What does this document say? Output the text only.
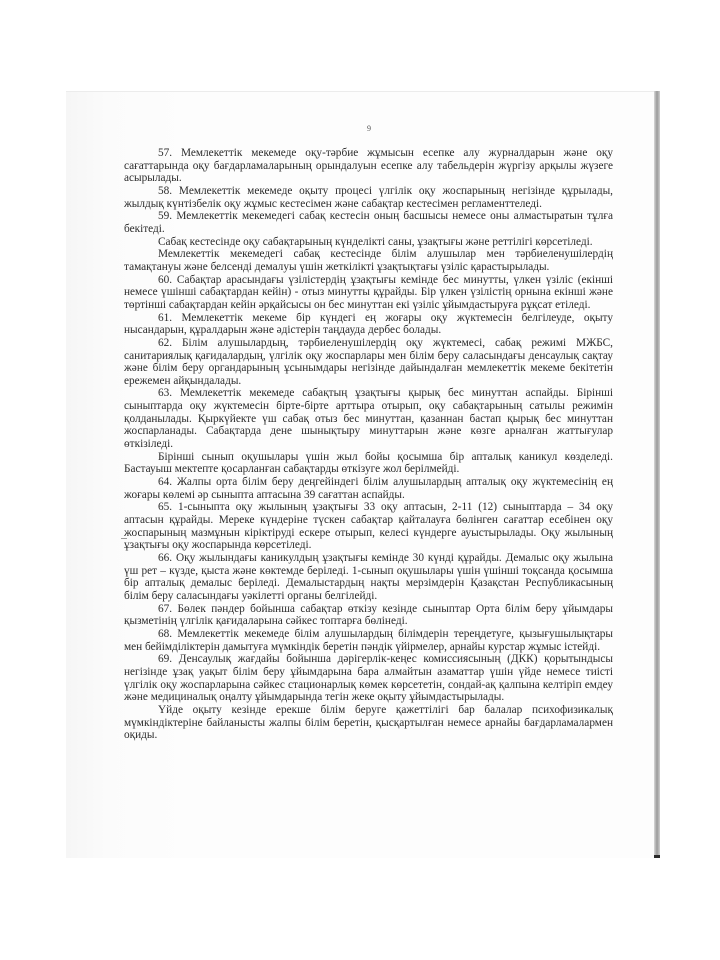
9

57. Мемлекеттік мекемеде оқу-тәрбие жұмысын есепке алу журналдарын және оқу сағаттарында оқу бағдарламаларының орындалуын есепке алу табельдерін жүргізу арқылы жүзеге асырылады.

58. Мемлекеттік мекемеде оқыту процесі үлгілік оқу жоспарының негізінде құрылады, жылдық күнтізбелік оқу жұмыс кестесімен және сабақтар кестесімен регламенттеледі.

59. Мемлекеттік мекемедегі сабақ кестесін оның басшысы немесе оны алмастыратын тұлға бекітеді.

Сабақ кестесінде оқу сабақтарының күнделікті саны, ұзақтығы және реттілігі көрсетіледі.

Мемлекеттік мекемедегі сабақ кестесінде білім алушылар мен тәрбиеленушілердің тамақтануы және белсенді демалуы үшін жеткілікті ұзақтықтағы үзіліс қарастырылады.

60. Сабақтар арасындағы үзілістердің ұзақтығы кемінде бес минутты, үлкен үзіліс (екінші немесе үшінші сабақтардан кейін) - отыз минутты құрайды. Бір үлкен үзілістің орнына екінші және төртінші сабақтардан кейін әрқайсысы он бес минуттан екі үзіліс ұйымдастыруға рұқсат етіледі.

61. Мемлекеттік мекеме бір күндегі ең жоғары оқу жүктемесін белгілеуде, оқыту нысандарын, құралдарын және әдістерін таңдауда дербес болады.

62. Білім алушылардың, тәрбиеленушілердің оқу жүктемесі, сабақ режимі МЖБС, санитариялық қағидалардың, үлгілік оқу жоспарлары мен білім беру саласындағы денсаулық сақтау және білім беру органдарының ұсынымдары негізінде дайындалған мемлекеттік мекеме бекітетін ережемен айқындалады.

63. Мемлекеттік мекемеде сабақтың ұзақтығы қырық бес минуттан аспайды. Бірінші сыныптарда оқу жүктемесін бірте-бірте арттыра отырып, оқу сабақтарының сатылы режимін қолданылады. Қыркүйекте үш сабақ отыз бес минуттан, қазаннан бастап қырық бес минуттан жоспарланады. Сабақтарда дене шынықтыру минуттарын және көзге арналған жаттығулар өткізіледі.

Бірінші сынып оқушылары үшін жыл бойы қосымша бір апталық каникул көзделеді. Бастауыш мектепте қосарланған сабақтарды өткізуге жол берілмейді.

64. Жалпы орта білім беру деңгейіндегі білім алушылардың апталық оқу жүктемесінің ең жоғары көлемі әр сыныпта аптасына 39 сағаттан аспайды.

65. 1-сыныпта оқу жылының ұзақтығы 33 оқу аптасын, 2-11 (12) сыныптарда – 34 оқу аптасын құрайды. Мереке күндеріне түскен сабақтар қайталауға бөлінген сағаттар есебінен оқу жоспарының мазмұнын кіріктіруді ескере отырып, келесі күндерге ауыстырылады. Оқу жылының ұзақтығы оқу жоспарында көрсетіледі.

66. Оқу жылындағы каникулдың ұзақтығы кемінде 30 күнді құрайды. Демалыс оқу жылына үш рет – күзде, қыста және көктемде беріледі. 1-сынып оқушылары үшін үшінші тоқсанда қосымша бір апталық демалыс беріледі. Демалыстардың нақты мерзімдерін Қазақстан Республикасының білім беру саласындағы уәкілетті органы белгілейді.

67. Бөлек пәндер бойынша сабақтар өткізу кезінде сыныптар Орта білім беру ұйымдары қызметінің үлгілік қағидаларына сәйкес топтарға бөлінеді.

68. Мемлекеттік мекемеде білім алушылардың білімдерін тереңдетуге, қызығушылықтары мен бейімділіктерін дамытуға мүмкіндік беретін пәндік үйірмелер, арнайы курстар жұмыс істейді.

69. Денсаулық жағдайы бойынша дәрігерлік-кеңес комиссиясының (ДКК) қорытындысы негізінде ұзақ уақыт білім беру ұйымдарына бара алмайтын азаматтар үшін үйде немесе тиісті үлгілік оқу жоспарларына сәйкес стационарлық көмек көрсететін, сондай-ақ қалпына келтіріп емдеу және медициналық оңалту ұйымдарында тегін жеке оқыту ұйымдастырылады.

Үйде оқыту кезінде ерекше білім беруге қажеттілігі бар балалар психофизикалық мүмкіндіктеріне байланысты жалпы білім беретін, қысқартылған немесе арнайы бағдарламалармен оқиды.
